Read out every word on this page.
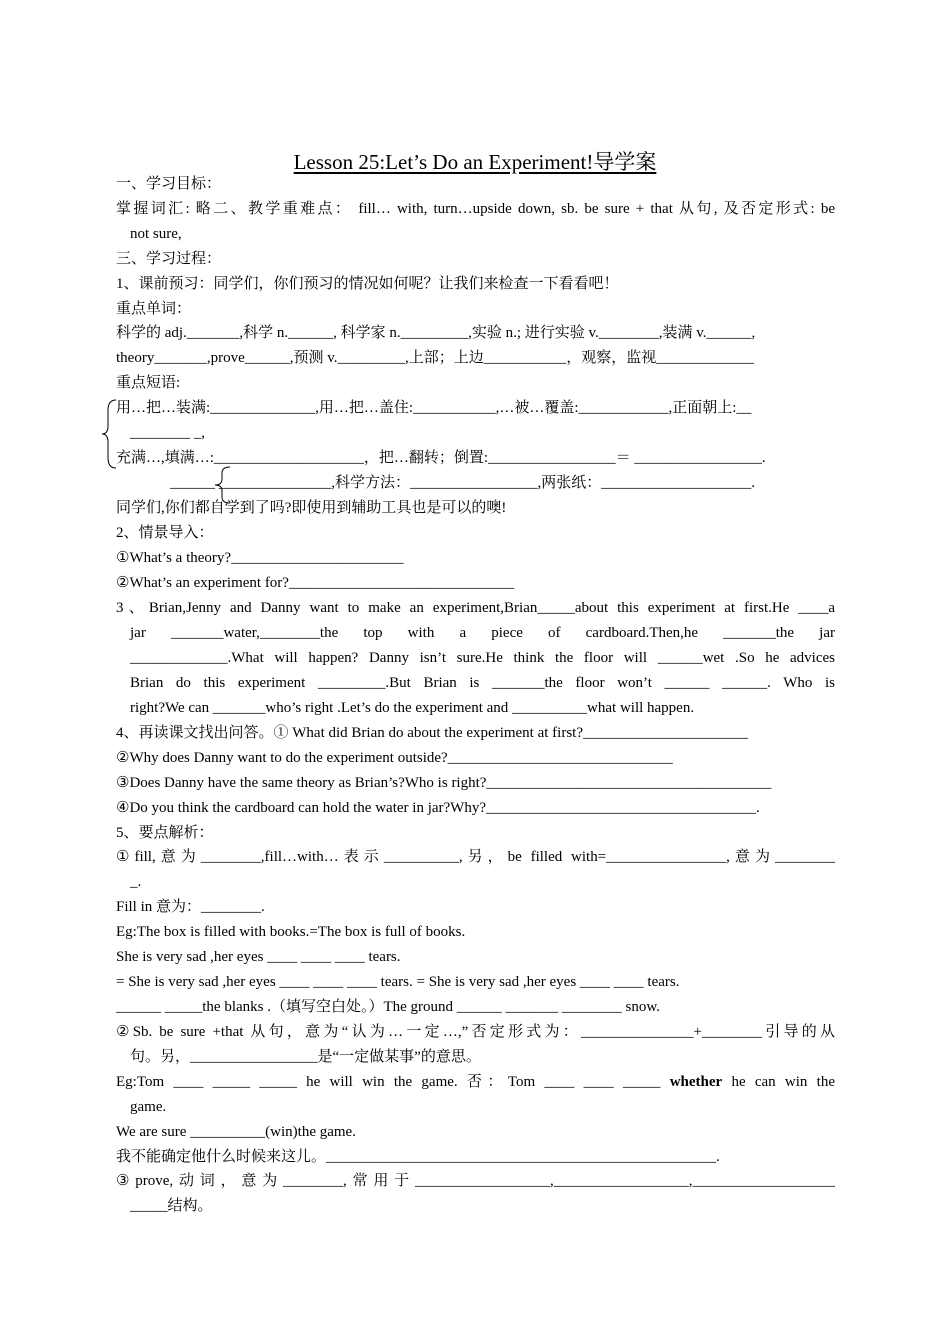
Lesson 25:Let’s Do an Experiment!导学案
一、学习目标：
掌握词汇: 略二、教学重难点： fill… with, turn…upside down, sb. be sure + that 从句, 及否定形式: be
not sure,
三、学习过程：
1、课前预习：同学们，你们预习的情况如何呢？让我们来检查一下看看吧！
重点单词：
科学的 adj._______,科学 n.______, 科学家 n._________,实验 n.; 进行实验 v.________,装满 v.______,
theory_______,prove______,预测 v._________,上部；上边___________，观察，监视_____________
重点短语:
用…把…装满:______________,用…把…盖住:___________,…被…覆盖:____________,正面朝上:__
________ _,
充满…,填满…:____________________，把…翻转；倒置:_________________＝ _________________.
______ _______________,科学方法：_________________,两张纸：____________________.
同学们,你们都自学到了吗?即使用到辅助工具也是可以的噢!
2、情景导入：
①What’s a theory?_______________________
②What’s an experiment for?______________________________
3、Brian,Jenny and Danny want to make an experiment,Brian_____about this experiment at first.He ____a
jar _______water,________the top with a piece of cardboard.Then,he _______the jar
_____________.What will happen? Danny isn’t sure.He think the floor will ______wet .So he advices
Brian do this experiment _________.But Brian is _______the floor won’t ______ ______. Who is
right?We can _______who’s right .Let’s do the experiment and __________what will happen.
4、再读课文找出问答。① What did Brian do about the experiment at first?______________________
②Why does Danny want to do the experiment outside?______________________________
③Does Danny have the same theory as Brian’s?Who is right?______________________________________
④Do you think the cardboard can hold the water in jar?Why?____________________________________.
5、要点解析：
①fill,意为________,fill…with…表示__________,另，be filled with=________________,意为________
_.
Fill in 意为：________.
Eg:The box is filled with books.=The box is full of books.
She is very sad ,her eyes ____ ____ ____ tears.
= She is very sad ,her eyes ____ ____ ____ tears. = She is very sad ,her eyes ____ ____ tears.
______ _____the blanks .（填写空白处。）The ground ______ _______ ________ snow.
②Sb. be sure +that 从句，意为“认为…一定…,”否定形式为：_______________+________引导的从
句。另，_________________是“一定做某事”的意思。
Eg:Tom ____ _____ _____ he will win the game. 否：Tom ____ ____ _____ whether he can win the
game.
We are sure __________(win)the game.
我不能确定他什么时候来这儿。____________________________________________________.
③prove,动词，意为________,常用于__________________,__________________,___________________
_____结构。
